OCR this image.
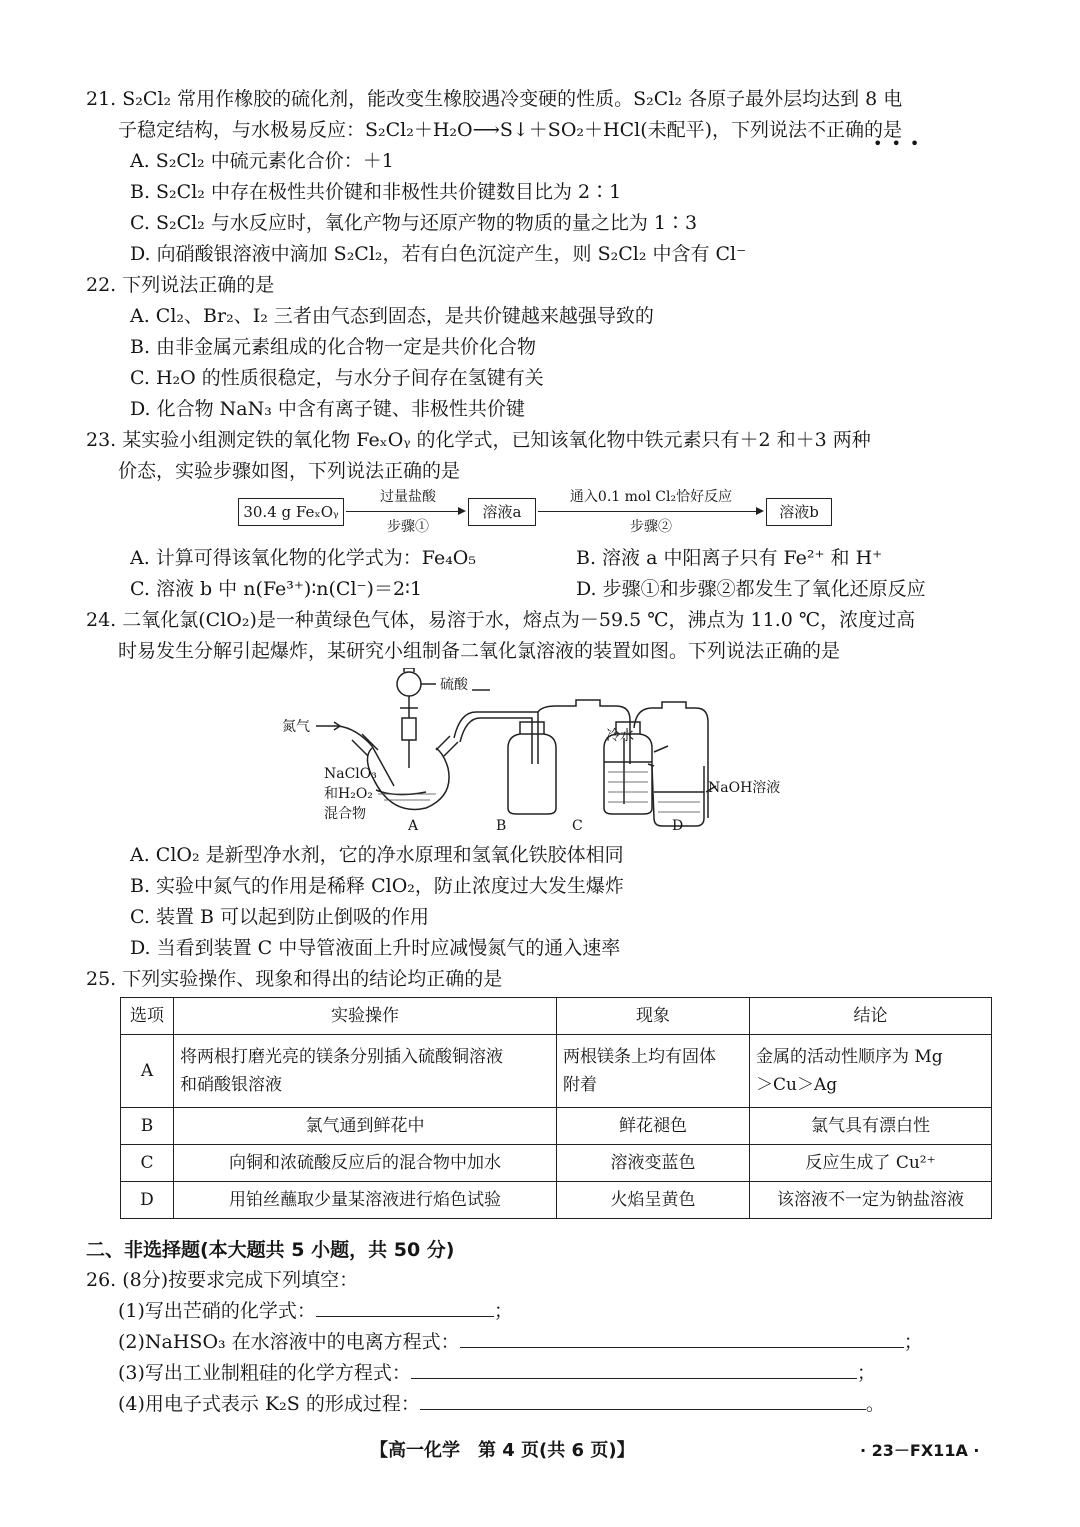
21. S₂Cl₂ 常用作橡胶的硫化剂，能改变生橡胶遇冷变硬的性质。S₂Cl₂ 各原子最外层均达到 8 电
子稳定结构，与水极易反应：S₂Cl₂＋H₂O⟶S↓＋SO₂＋HCl(未配平)，下列说法不正确的是
•••
A. S₂Cl₂ 中硫元素化合价：＋1
B. S₂Cl₂ 中存在极性共价键和非极性共价键数目比为 2∶1
C. S₂Cl₂ 与水反应时，氧化产物与还原产物的物质的量之比为 1∶3
D. 向硝酸银溶液中滴加 S₂Cl₂，若有白色沉淀产生，则 S₂Cl₂ 中含有 Cl⁻
22. 下列说法正确的是
A. Cl₂、Br₂、I₂ 三者由气态到固态，是共价键越来越强导致的
B. 由非金属元素组成的化合物一定是共价化合物
C. H₂O 的性质很稳定，与水分子间存在氢键有关
D. 化合物 NaN₃ 中含有离子键、非极性共价键
23. 某实验小组测定铁的氧化物 FeₓOᵧ 的化学式，已知该氧化物中铁元素只有＋2 和＋3 两种
价态，实验步骤如图，下列说法正确的是
30.4 g FeₓOᵧ
过量盐酸
步骤①
溶液a
通入0.1 mol Cl₂恰好反应
步骤②
溶液b
A. 计算可得该氧化物的化学式为：Fe₄O₅	B. 溶液 a 中阳离子只有 Fe²⁺ 和 H⁺
C. 溶液 b 中 n(Fe³⁺)∶n(Cl⁻)＝2∶1	D. 步骤①和步骤②都发生了氧化还原反应
24. 二氧化氯(ClO₂)是一种黄绿色气体，易溶于水，熔点为－59.5 ℃，沸点为 11.0 ℃，浓度过高
时易发生分解引起爆炸，某研究小组制备二氧化氯溶液的装置如图。下列说法正确的是
硫酸
氮气
NaClO₃
和H₂O₂
混合物
冷水
NaOH溶液
A	B	C	D
A. ClO₂ 是新型净水剂，它的净水原理和氢氧化铁胶体相同
B. 实验中氮气的作用是稀释 ClO₂，防止浓度过大发生爆炸
C. 装置 B 可以起到防止倒吸的作用
D. 当看到装置 C 中导管液面上升时应减慢氮气的通入速率
25. 下列实验操作、现象和得出的结论均正确的是
选项	实验操作	现象	结论
A	将两根打磨光亮的镁条分别插入硫酸铜溶液
和硝酸银溶液	两根镁条上均有固体
附着	金属的活动性顺序为 Mg
＞Cu＞Ag
B	氯气通到鲜花中	鲜花褪色	氯气具有漂白性
C	向铜和浓硫酸反应后的混合物中加水	溶液变蓝色	反应生成了 Cu²⁺
D	用铂丝蘸取少量某溶液进行焰色试验	火焰呈黄色	该溶液不一定为钠盐溶液
二、非选择题(本大题共 5 小题，共 50 分)
26. (8分)按要求完成下列填空：
(1)写出芒硝的化学式：	；
(2)NaHSO₃ 在水溶液中的电离方程式：	；
(3)写出工业制粗硅的化学方程式：	；
(4)用电子式表示 K₂S 的形成过程：	。
【高一化学　第 4 页(共 6 页)】	· 23－FX11A ·
